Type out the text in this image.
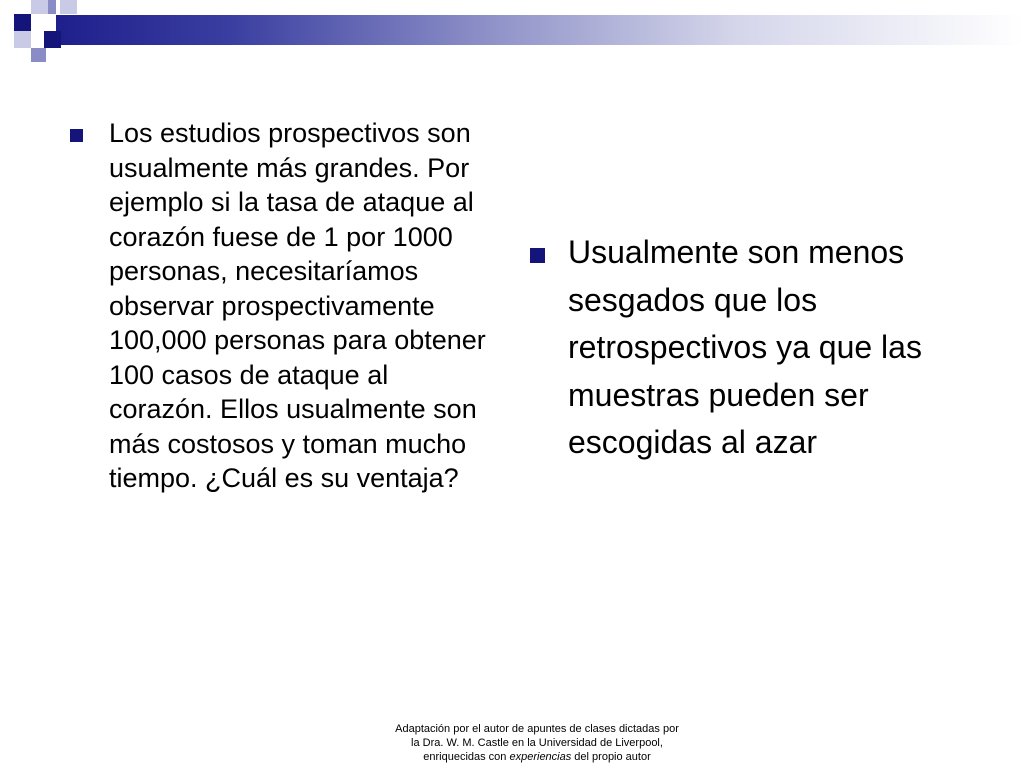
Los estudios prospectivos son usualmente más grandes. Por ejemplo si la tasa de ataque al corazón fuese de 1 por 1000 personas, necesitaríamos observar prospectivamente 100,000 personas para obtener 100 casos de ataque al corazón. Ellos usualmente son más costosos y toman mucho tiempo. ¿Cuál es su ventaja?
Usualmente son menos sesgados que los retrospectivos ya que las muestras pueden ser escogidas al azar
Adaptación por el autor de apuntes de clases dictadas por
la Dra. W. M. Castle en la Universidad de Liverpool,
enriquecidas con experiencias del propio autor
